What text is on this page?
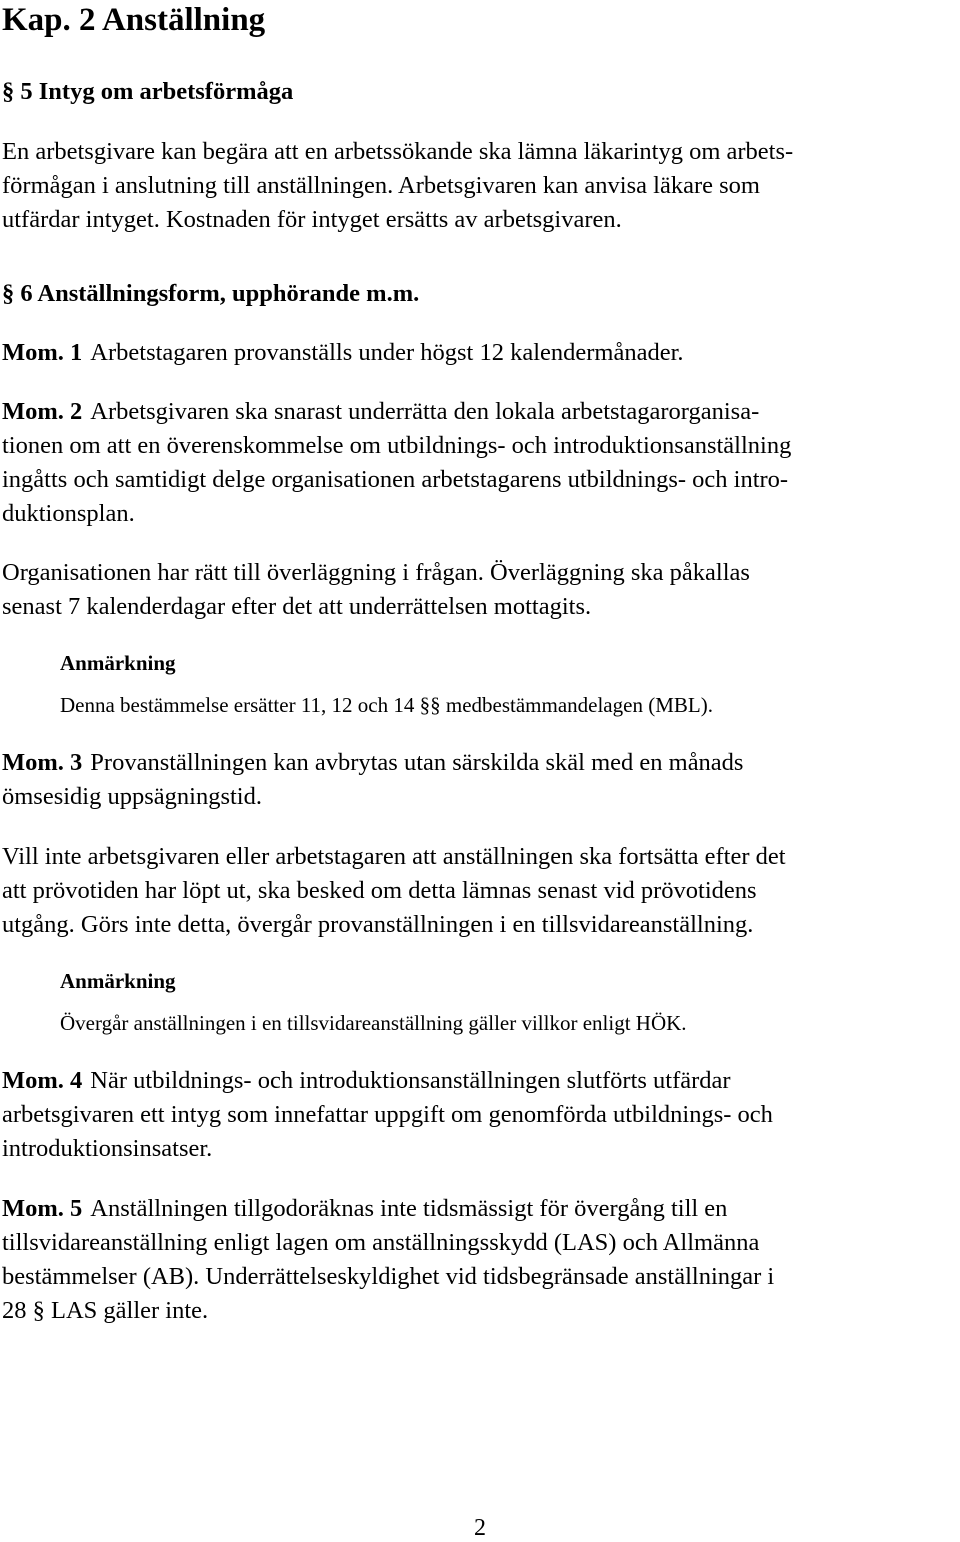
Kap. 2 Anställning
§ 5 Intyg om arbetsförmåga
En arbetsgivare kan begära att en arbetssökande ska lämna läkarintyg om arbets-
förmågan i anslutning till anställningen. Arbetsgivaren kan anvisa läkare som
utfärdar intyget. Kostnaden för intyget ersätts av arbetsgivaren.
§ 6 Anställningsform, upphörande m.m.
Mom. 1 Arbetstagaren provanställs under högst 12 kalendermånader.
Mom. 2 Arbetsgivaren ska snarast underrätta den lokala arbetstagarorganisa-
tionen om att en överenskommelse om utbildnings- och introduktionsanställning
ingåtts och samtidigt delge organisationen arbetstagarens utbildnings- och intro-
duktionsplan.
Organisationen har rätt till överläggning i frågan. Överläggning ska påkallas
senast 7 kalenderdagar efter det att underrättelsen mottagits.
Anmärkning
Denna bestämmelse ersätter 11, 12 och 14 §§ medbestämmandelagen (MBL).
Mom. 3 Provanställningen kan avbrytas utan särskilda skäl med en månads
ömsesidig uppsägningstid.
Vill inte arbetsgivaren eller arbetstagaren att anställningen ska fortsätta efter det
att prövotiden har löpt ut, ska besked om detta lämnas senast vid prövotidens
utgång. Görs inte detta, övergår provanställningen i en tillsvidareanställning.
Anmärkning
Övergår anställningen i en tillsvidareanställning gäller villkor enligt HÖK.
Mom. 4 När utbildnings- och introduktionsanställningen slutförts utfärdar
arbetsgivaren ett intyg som innefattar uppgift om genomförda utbildnings- och
introduktionsinsatser.
Mom. 5 Anställningen tillgodoräknas inte tidsmässigt för övergång till en
tillsvidareanställning enligt lagen om anställningsskydd (LAS) och Allmänna
bestämmelser (AB). Underrättelseskyldighet vid tidsbegränsade anställningar i
28 § LAS gäller inte.
2
